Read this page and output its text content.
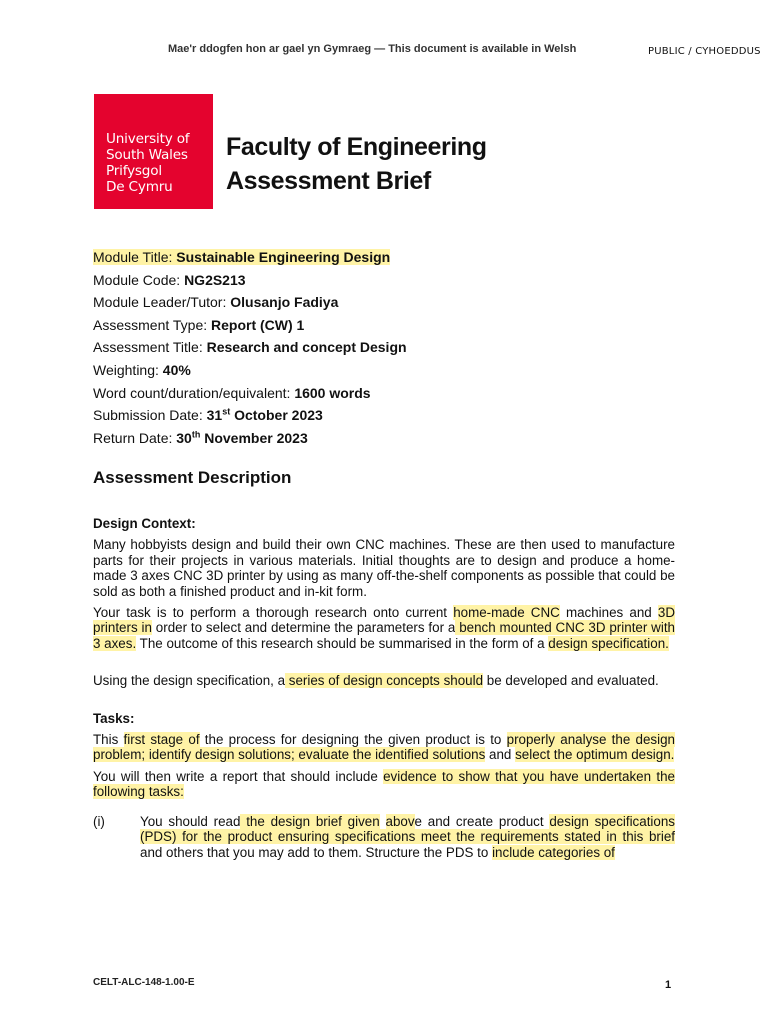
Mae'r ddogfen hon ar gael yn Gymraeg — This document is available in Welsh	PUBLIC / CYHOEDDUS
University of
South Wales
Prifysgol
De Cymru
Faculty of Engineering
Assessment Brief
Module Title: Sustainable Engineering Design
Module Code: NG2S213
Module Leader/Tutor: Olusanjo Fadiya
Assessment Type: Report (CW) 1
Assessment Title: Research and concept Design
Weighting: 40%
Word count/duration/equivalent: 1600 words
Submission Date: 31st October 2023
Return Date: 30th November 2023
Assessment Description
Design Context:

Many hobbyists design and build their own CNC machines. These are then used to manufacture parts for their projects in various materials. Initial thoughts are to design and produce a home-made 3 axes CNC 3D printer by using as many off-the-shelf components as possible that could be sold as both a finished product and in-kit form.

Your task is to perform a thorough research onto current home-made CNC machines and 3D printers in order to select and determine the parameters for a bench mounted CNC 3D printer with 3 axes. The outcome of this research should be summarised in the form of a design specification.

Using the design specification, a series of design concepts should be developed and evaluated.

Tasks:

This first stage of the process for designing the given product is to properly analyse the design problem; identify design solutions; evaluate the identified solutions and select the optimum design.

You will then write a report that should include evidence to show that you have undertaken the following tasks:

(i)	You should read the design brief given above and create product design specifications (PDS) for the product ensuring specifications meet the requirements stated in this brief and others that you may add to them. Structure the PDS to include categories of
CELT-ALC-148-1.00-E	1
